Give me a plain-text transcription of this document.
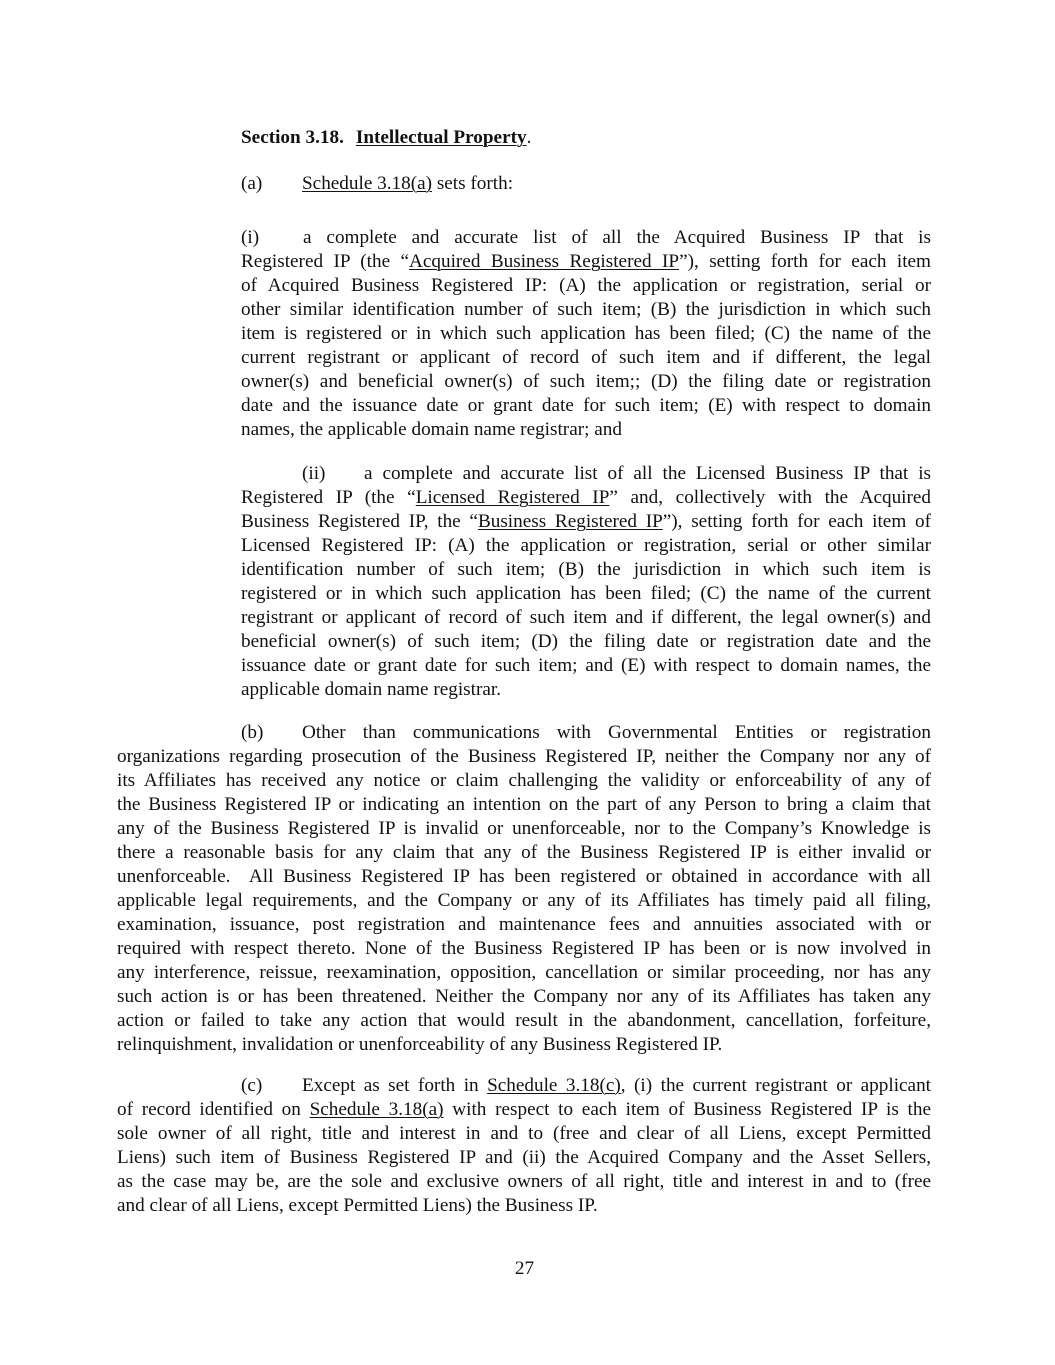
Section 3.18. Intellectual Property.
(a) Schedule 3.18(a) sets forth:
(i) a complete and accurate list of all the Acquired Business IP that is
Registered IP (the “Acquired Business Registered IP”), setting forth for each item
of Acquired Business Registered IP: (A) the application or registration, serial or
other similar identification number of such item; (B) the jurisdiction in which such
item is registered or in which such application has been filed; (C) the name of the
current registrant or applicant of record of such item and if different, the legal
owner(s) and beneficial owner(s) of such item;; (D) the filing date or registration
date and the issuance date or grant date for such item; (E) with respect to domain
names, the applicable domain name registrar; and
(ii) a complete and accurate list of all the Licensed Business IP that is
Registered IP (the “Licensed Registered IP” and, collectively with the Acquired
Business Registered IP, the “Business Registered IP”), setting forth for each item of
Licensed Registered IP: (A) the application or registration, serial or other similar
identification number of such item; (B) the jurisdiction in which such item is
registered or in which such application has been filed; (C) the name of the current
registrant or applicant of record of such item and if different, the legal owner(s) and
beneficial owner(s) of such item; (D) the filing date or registration date and the
issuance date or grant date for such item; and (E) with respect to domain names, the
applicable domain name registrar.
(b) Other than communications with Governmental Entities or registration
organizations regarding prosecution of the Business Registered IP, neither the Company nor any of
its Affiliates has received any notice or claim challenging the validity or enforceability of any of
the Business Registered IP or indicating an intention on the part of any Person to bring a claim that
any of the Business Registered IP is invalid or unenforceable, nor to the Company’s Knowledge is
there a reasonable basis for any claim that any of the Business Registered IP is either invalid or
unenforceable.  All Business Registered IP has been registered or obtained in accordance with all
applicable legal requirements, and the Company or any of its Affiliates has timely paid all filing,
examination, issuance, post registration and maintenance fees and annuities associated with or
required with respect thereto. None of the Business Registered IP has been or is now involved in
any interference, reissue, reexamination, opposition, cancellation or similar proceeding, nor has any
such action is or has been threatened. Neither the Company nor any of its Affiliates has taken any
action or failed to take any action that would result in the abandonment, cancellation, forfeiture,
relinquishment, invalidation or unenforceability of any Business Registered IP.
(c) Except as set forth in Schedule 3.18(c), (i) the current registrant or applicant
of record identified on Schedule 3.18(a) with respect to each item of Business Registered IP is the
sole owner of all right, title and interest in and to (free and clear of all Liens, except Permitted
Liens) such item of Business Registered IP and (ii) the Acquired Company and the Asset Sellers,
as the case may be, are the sole and exclusive owners of all right, title and interest in and to (free
and clear of all Liens, except Permitted Liens) the Business IP.
27
